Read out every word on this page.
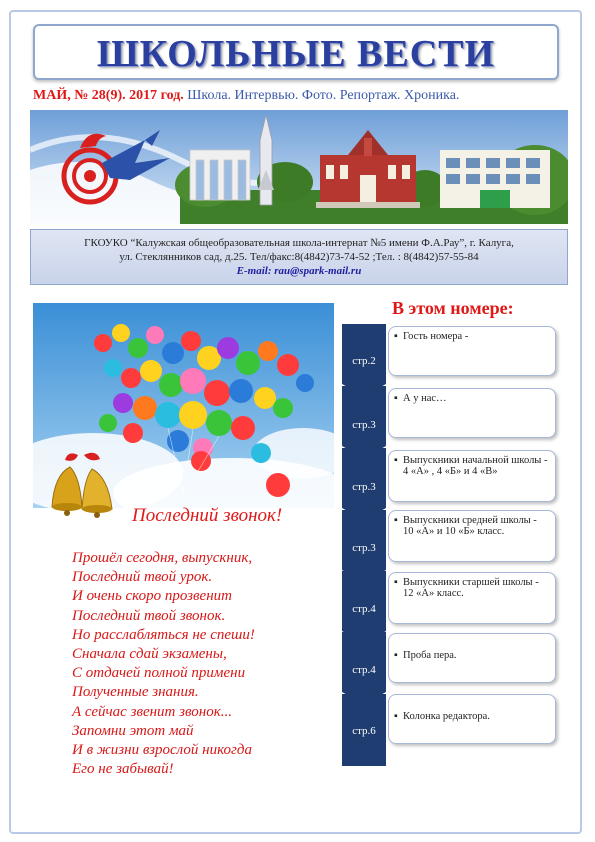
ШКОЛЬНЫЕ ВЕСТИ
МАЙ, № 28(9). 2017 год. Школа. Интервью. Фото. Репортаж. Хроника.
ГКОУКО “Калужская общеобразовательная школа-интернат №5 имени Ф.А.Рау”, г. Калуга,
ул. Стеклянников сад, д.25. Тел/факс:8(4842)73-74-52 ;Тел. : 8(4842)57-55-84
E-mail: rau@spark-mail.ru
Последний звонок!
Прошёл сегодня, выпускник,
Последний твой урок.
И очень скоро прозвенит
Последний твой звонок.
Но расслабляться не спеши!
Сначала сдай экзамены,
С отдачей полной примени
Полученные знания.
А сейчас звенит звонок...
Запомни этот май
И в жизни взрослой никогда
Его не забывай!
В этом номере:
стр.2
▪ Гость номера -
стр.3
▪ А у нас…
стр.3
▪ Выпускники начальной школы - 4 «А» , 4 «Б» и 4 «В»
стр.3
▪ Выпускники средней школы - 10 «А» и 10 «Б» класс.
стр.4
▪ Выпускники старшей школы - 12 «А» класс.
стр.4
▪ Проба пера.
стр.6
▪ Колонка редактора.
